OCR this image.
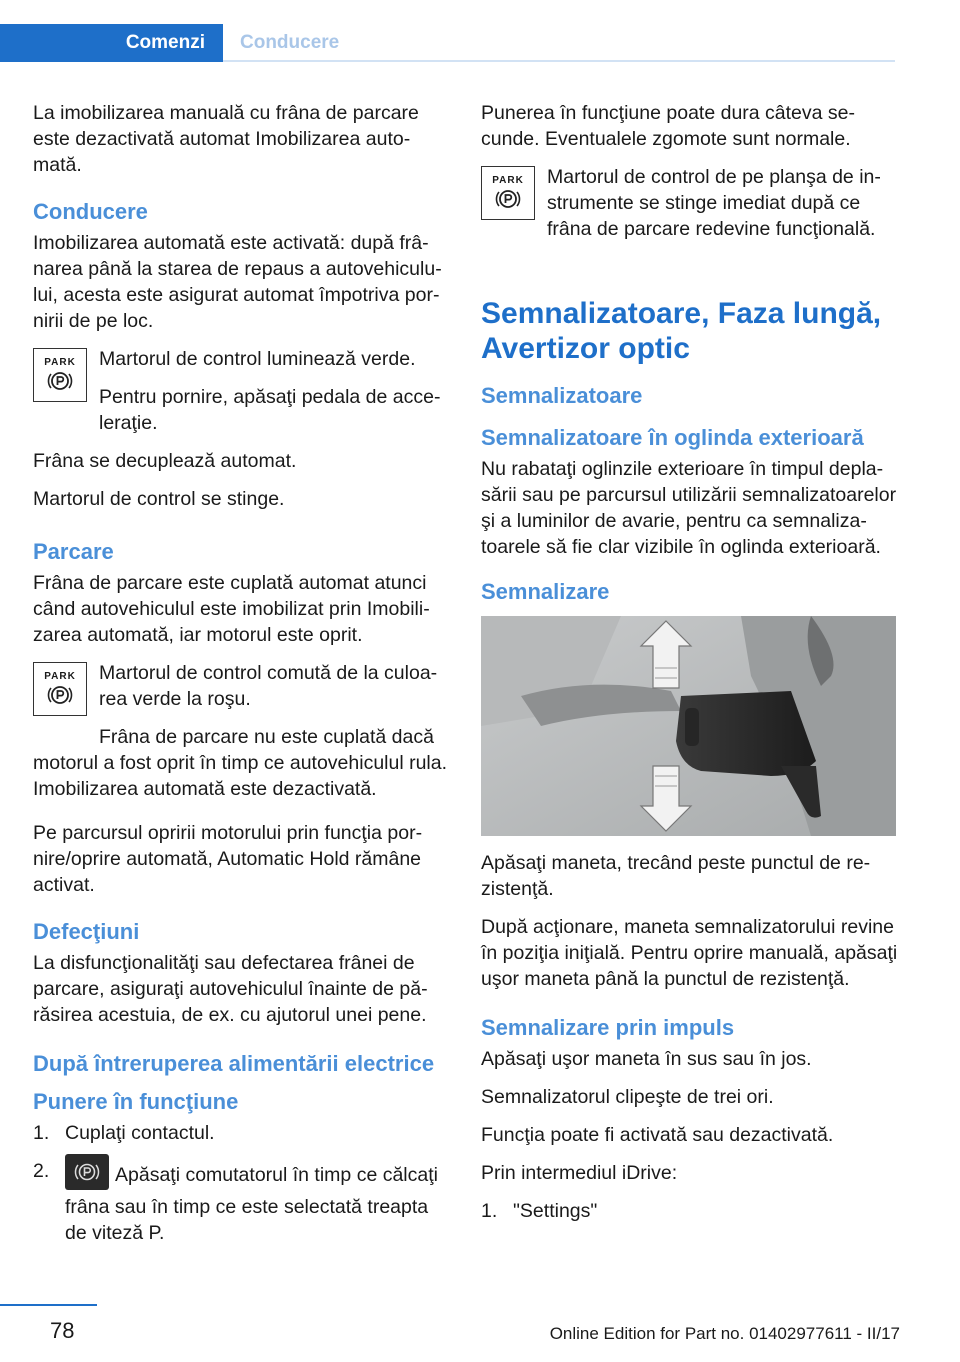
Comenzi Conducere

La imobilizarea manuală cu frâna de parcare este dezactivată automat Imobilizarea automată.

Conducere

Imobilizarea automată este activată: după frânarea până la starea de repaus a autovehiculului, acesta este asigurat automat împotriva pornirii de pe loc.

PARK Martorul de control luminează verde.

Pentru pornire, apăsaţi pedala de acceleraţie.

Frâna se decuplează automat.

Martorul de control se stinge.

Parcare

Frâna de parcare este cuplată automat atunci când autovehiculul este imobilizat prin Imobilizarea automată, iar motorul este oprit.

PARK Martorul de control comută de la culoarea verde la roşu.

Frâna de parcare nu este cuplată dacă motorul a fost oprit în timp ce autovehiculul rula. Imobilizarea automată este dezactivată.

Pe parcursul opririi motorului prin funcţia pornire/oprire automată, Automatic Hold rămâne activat.

Defecţiuni

La disfuncţionalităţi sau defectarea frânei de parcare, asiguraţi autovehiculul înainte de părăsirea acestuia, de ex. cu ajutorul unei pene.

După întreruperea alimentării electrice
Punere în funcţiune
1. Cuplaţi contactul.
2.	Apăsaţi comutatorul în timp ce călcaţi frâna sau în timp ce este selectată treapta de viteză P.

Punerea în funcţiune poate dura câteva secunde. Eventualele zgomote sunt normale.

PARK Martorul de control de pe planşa de instrumente se stinge imediat după ce frâna de parcare redevine funcţională.

Semnalizatoare, Faza lungă, Avertizor optic
Semnalizatoare
Semnalizatoare în oglinda exterioară

Nu rabataţi oglinzile exterioare în timpul deplasării sau pe parcursul utilizării semnalizatoarelor şi a luminilor de avarie, pentru ca semnalizatoarele să fie clar vizibile în oglinda exterioară.

Semnalizare

Apăsaţi maneta, trecând peste punctul de rezistenţă.

După acţionare, maneta semnalizatorului revine în poziţia iniţială. Pentru oprire manuală, apăsaţi uşor maneta până la punctul de rezistenţă.

Semnalizare prin impuls

Apăsaţi uşor maneta în sus sau în jos.

Semnalizatorul clipeşte de trei ori.

Funcţia poate fi activată sau dezactivată.

Prin intermediul iDrive:

1. "Settings"
78	Online Edition for Part no. 01402977611 - II/17
